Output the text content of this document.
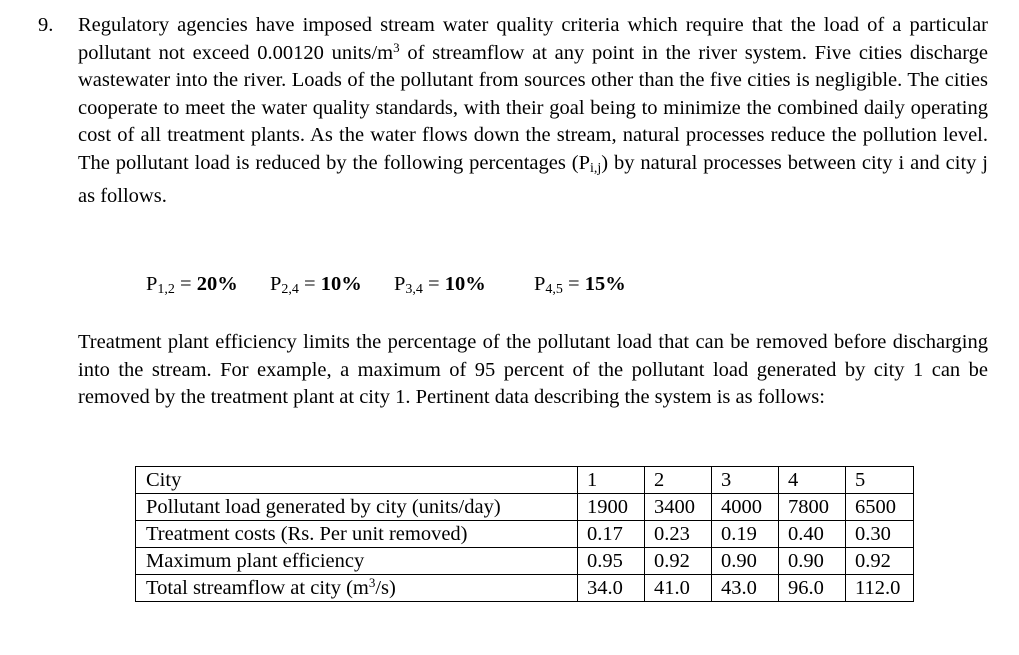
9. Regulatory agencies have imposed stream water quality criteria which require that the load of a particular pollutant not exceed 0.00120 units/$m^3$ of streamflow at any point in the river system. Five cities discharge wastewater into the river. Loads of the pollutant from sources other than the five cities is negligible. The cities cooperate to meet the water quality standards, with their goal being to minimize the combined daily operating cost of all treatment plants. As the water flows down the stream, natural processes reduce the pollution level. The pollutant load is reduced by the following percentages $(P_{i,j})$ by natural processes between city i and city j as follows.
$P_{1,2} = 20\%$ $P_{2,4} = 10\%$ $P_{3,4} = 10\%$ $P_{4,5} = 15\%$
Treatment plant efficiency limits the percentage of the pollutant load that can be removed before discharging into the stream. For example, a maximum of 95 percent of the pollutant load generated by city 1 can be removed by the treatment plant at city 1. Pertinent data describing the system is as follows:
City	1	2	3	4	5
Pollutant load generated by city (units/day)	1900	3400	4000	7800	6500
Treatment costs (Rs. Per unit removed)	0.17	0.23	0.19	0.40	0.30
Maximum plant efficiency	0.95	0.92	0.90	0.90	0.92
Total streamflow at city $(m^3/s)$	34.0	41.0	43.0	96.0	112.0
